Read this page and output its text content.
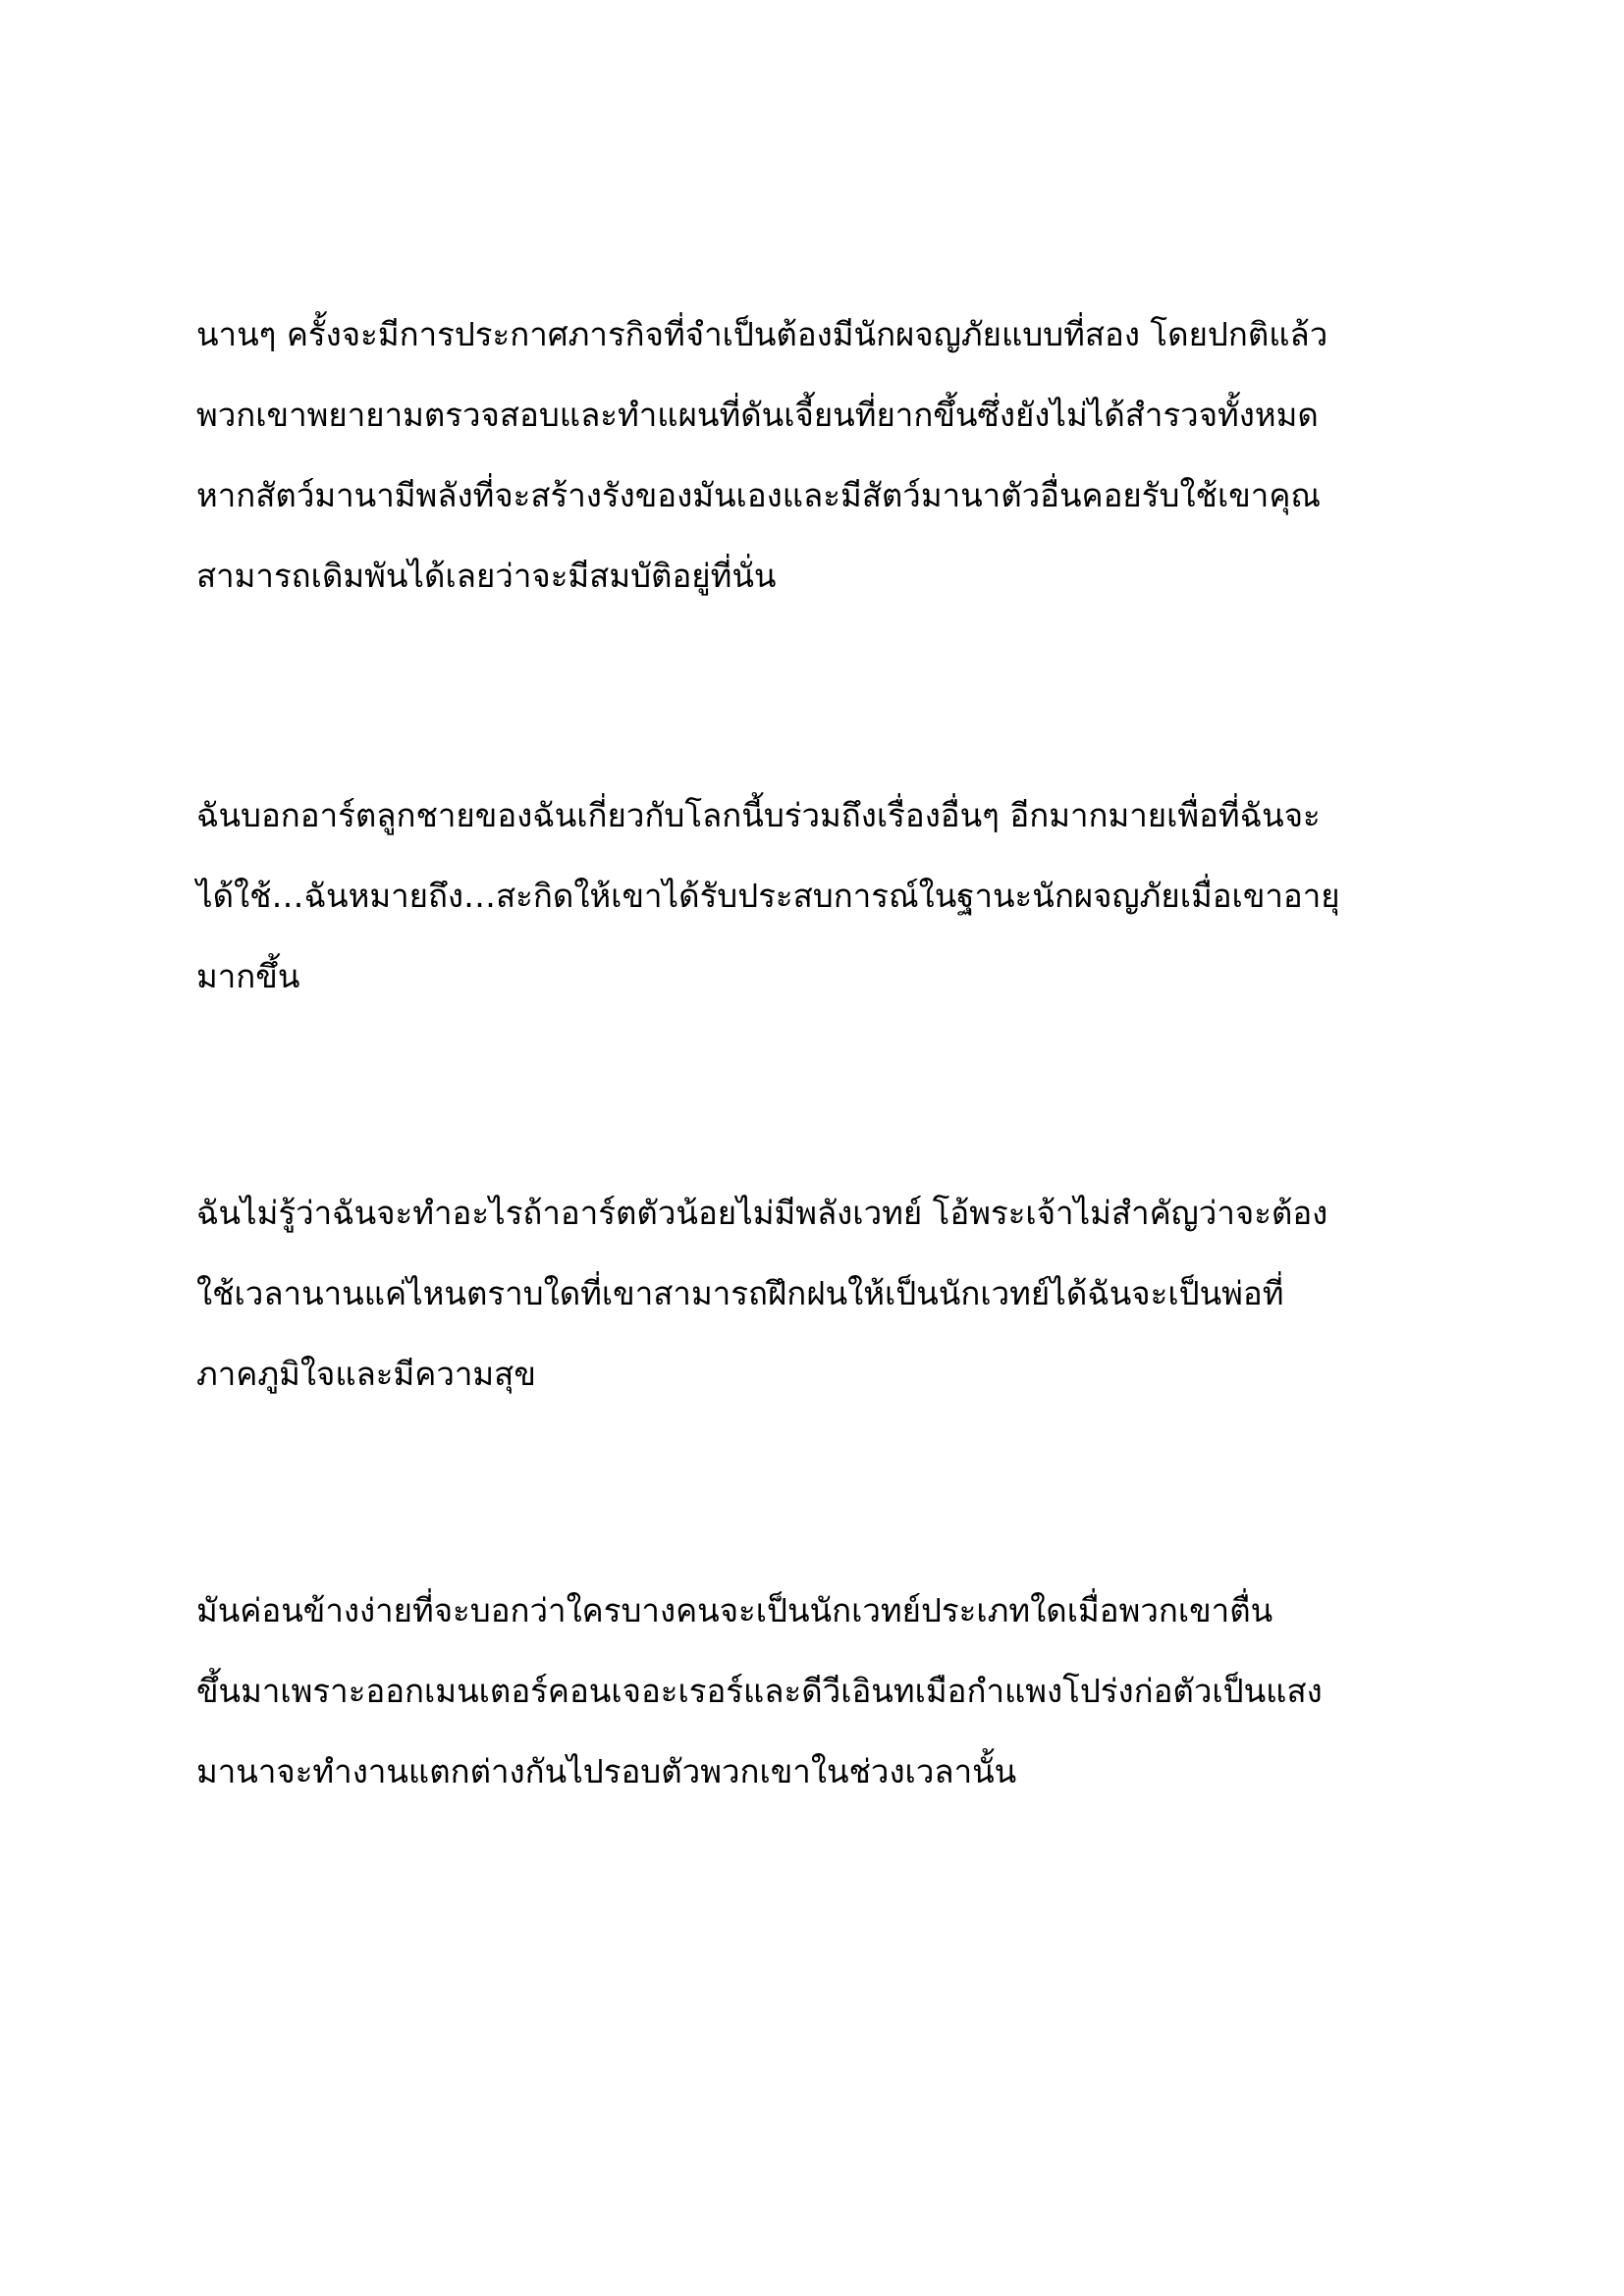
นานๆ ครั้งจะมีการประกาศภารกิจที่จำเป็นต้องมีนักผจญภัยแบบที่สอง โดยปกติแล้ว
พวกเขาพยายามตรวจสอบและทำแผนที่ดันเจี้ยนที่ยากขึ้นซึ่งยังไม่ได้สำรวจทั้งหมด
หากสัตว์มานามีพลังที่จะสร้างรังของมันเองและมีสัตว์มานาตัวอื่นคอยรับใช้เขาคุณ
สามารถเดิมพันได้เลยว่าจะมีสมบัติอยู่ที่นั่น
ฉันบอกอาร์ตลูกชายของฉันเกี่ยวกับโลกนี้บร่วมถึงเรื่องอื่นๆ อีกมากมายเพื่อที่ฉันจะ
ได้ใช้…ฉันหมายถึง…สะกิดให้เขาได้รับประสบการณ์ในฐานะนักผจญภัยเมื่อเขาอายุ
มากขึ้น
ฉันไม่รู้ว่าฉันจะทำอะไรถ้าอาร์ตตัวน้อยไม่มีพลังเวทย์ โอ้พระเจ้าไม่สำคัญว่าจะต้อง
ใช้เวลานานแค่ไหนตราบใดที่เขาสามารถฝึกฝนให้เป็นนักเวทย์ได้ฉันจะเป็นพ่อที่
ภาคภูมิใจและมีความสุข
มันค่อนข้างง่ายที่จะบอกว่าใครบางคนจะเป็นนักเวทย์ประเภทใดเมื่อพวกเขาตื่น
ขึ้นมาเพราะออกเมนเตอร์คอนเจอะเรอร์และดีวีเอินทเมือกำแพงโปร่งก่อตัวเป็นแสง
มานาจะทำงานแตกต่างกันไปรอบตัวพวกเขาในช่วงเวลานั้น
